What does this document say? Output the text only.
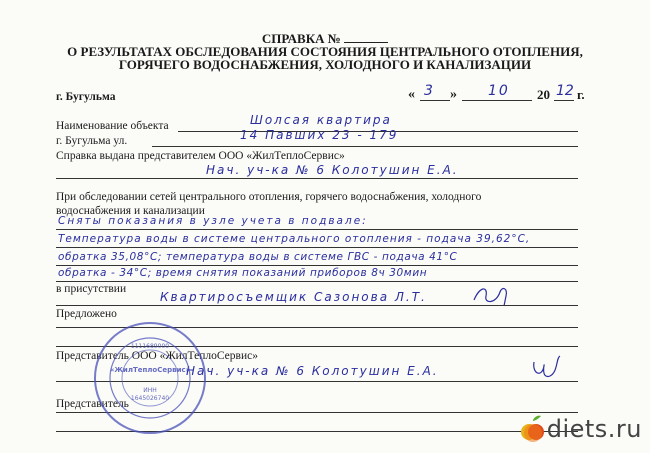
СПРАВКА №
О РЕЗУЛЬТАТАХ ОБСЛЕДОВАНИЯ СОСТОЯНИЯ ЦЕНТРАЛЬНОГО ОТОПЛЕНИЯ,
ГОРЯЧЕГО ВОДОСНАБЖЕНИЯ, ХОЛОДНОГО И КАНАЛИЗАЦИИ
г. Бугульма	« 3 » 10 20 12 г.
Наименование объекта	Шолсая квартира
г. Бугульма ул.	14 Павших 23 - 179
Справка выдана представителем ООО «ЖилТеплоСервис»
Нач. уч-ка № 6 Колотушин Е.А.
При обследовании сетей центрального отопления, горячего водоснабжения, холодного
водоснабжения и канализации
Сняты показания в узле учета в подвале:
Температура воды в системе центрального отопления - подача 39,62°С,
обратка 35,08°С; температура воды в системе ГВС - подача 41°С
обратка - 34°С; время снятия показаний приборов 8ч 30мин
в присутствии
Квартиросъемщик Сазонова Л.Т.
Предложено
Представитель ООО «ЖилТеплоСервис»
Нач. уч-ка № 6 Колотушин Е.А.
Представитель
1111689000
«ЖилТеплоСервис»
ИНН
1645026740
diets.ru
